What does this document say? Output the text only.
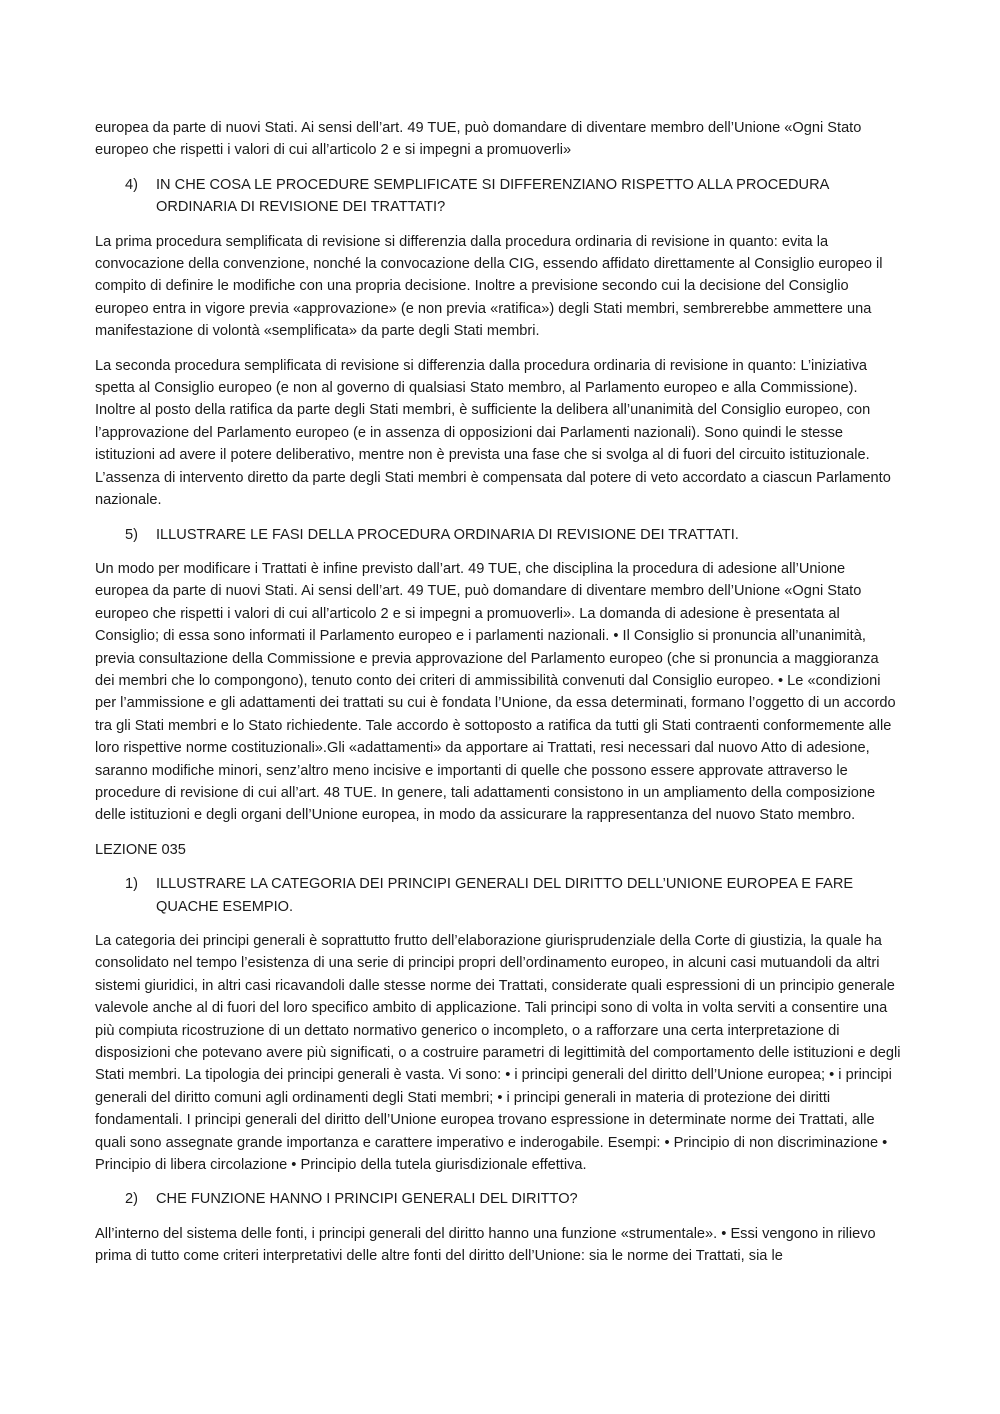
europea da parte di nuovi Stati. Ai sensi dell’art. 49 TUE, può domandare di diventare membro dell’Unione «Ogni Stato europeo che rispetti i valori di cui all’articolo 2 e si impegni a promuoverli»

4)	IN CHE COSA LE PROCEDURE SEMPLIFICATE SI DIFFERENZIANO RISPETTO ALLA PROCEDURA ORDINARIA DI REVISIONE DEI TRATTATI?

La prima procedura semplificata di revisione si differenzia dalla procedura ordinaria di revisione in quanto: evita la convocazione della convenzione, nonché la convocazione della CIG, essendo affidato direttamente al Consiglio europeo il compito di definire le modifiche con una propria decisione. Inoltre a previsione secondo cui la decisione del Consiglio europeo entra in vigore previa «approvazione» (e non previa «ratifica») degli Stati membri, sembrerebbe ammettere una manifestazione di volontà «semplificata» da parte degli Stati membri.

La seconda procedura semplificata di revisione si differenzia dalla procedura ordinaria di revisione in quanto: L’iniziativa spetta al Consiglio europeo (e non al governo di qualsiasi Stato membro, al Parlamento europeo e alla Commissione). Inoltre al posto della ratifica da parte degli Stati membri, è sufficiente la delibera all’unanimità del Consiglio europeo, con l’approvazione del Parlamento europeo (e in assenza di opposizioni dai Parlamenti nazionali). Sono quindi le stesse istituzioni ad avere il potere deliberativo, mentre non è prevista una fase che si svolga al di fuori del circuito istituzionale. L’assenza di intervento diretto da parte degli Stati membri è compensata dal potere di veto accordato a ciascun Parlamento nazionale.

5)	ILLUSTRARE LE FASI DELLA PROCEDURA ORDINARIA DI REVISIONE DEI TRATTATI.

Un modo per modificare i Trattati è infine previsto dall’art. 49 TUE, che disciplina la procedura di adesione all’Unione europea da parte di nuovi Stati. Ai sensi dell’art. 49 TUE, può domandare di diventare membro dell’Unione «Ogni Stato europeo che rispetti i valori di cui all’articolo 2 e si impegni a promuoverli». La domanda di adesione è presentata al Consiglio; di essa sono informati il Parlamento europeo e i parlamenti nazionali. • Il Consiglio si pronuncia all’unanimità, previa consultazione della Commissione e previa approvazione del Parlamento europeo (che si pronuncia a maggioranza dei membri che lo compongono), tenuto conto dei criteri di ammissibilità convenuti dal Consiglio europeo. • Le «condizioni per l’ammissione e gli adattamenti dei trattati su cui è fondata l’Unione, da essa determinati, formano l’oggetto di un accordo tra gli Stati membri e lo Stato richiedente. Tale accordo è sottoposto a ratifica da tutti gli Stati contraenti conformemente alle loro rispettive norme costituzionali».Gli «adattamenti» da apportare ai Trattati, resi necessari dal nuovo Atto di adesione, saranno modifiche minori, senz’altro meno incisive e importanti di quelle che possono essere approvate attraverso le procedure di revisione di cui all’art. 48 TUE. In genere, tali adattamenti consistono in un ampliamento della composizione delle istituzioni e degli organi dell’Unione europea, in modo da assicurare la rappresentanza del nuovo Stato membro.

LEZIONE 035

1)	ILLUSTRARE LA CATEGORIA DEI PRINCIPI GENERALI DEL DIRITTO DELL’UNIONE EUROPEA E FARE QUACHE ESEMPIO.

La categoria dei principi generali è soprattutto frutto dell’elaborazione giurisprudenziale della Corte di giustizia, la quale ha consolidato nel tempo l’esistenza di una serie di principi propri dell’ordinamento europeo, in alcuni casi mutuandoli da altri sistemi giuridici, in altri casi ricavandoli dalle stesse norme dei Trattati, considerate quali espressioni di un principio generale valevole anche al di fuori del loro specifico ambito di applicazione. Tali principi sono di volta in volta serviti a consentire una più compiuta ricostruzione di un dettato normativo generico o incompleto, o a rafforzare una certa interpretazione di disposizioni che potevano avere più significati, o a costruire parametri di legittimità del comportamento delle istituzioni e degli Stati membri. La tipologia dei principi generali è vasta. Vi sono: • i principi generali del diritto dell’Unione europea; • i principi generali del diritto comuni agli ordinamenti degli Stati membri; • i principi generali in materia di protezione dei diritti fondamentali. I principi generali del diritto dell’Unione europea trovano espressione in determinate norme dei Trattati, alle quali sono assegnate grande importanza e carattere imperativo e inderogabile. Esempi: • Principio di non discriminazione • Principio di libera circolazione • Principio della tutela giurisdizionale effettiva.

2)	CHE FUNZIONE HANNO I PRINCIPI GENERALI DEL DIRITTO?

All’interno del sistema delle fonti, i principi generali del diritto hanno una funzione «strumentale». • Essi vengono in rilievo prima di tutto come criteri interpretativi delle altre fonti del diritto dell’Unione: sia le norme dei Trattati, sia le
